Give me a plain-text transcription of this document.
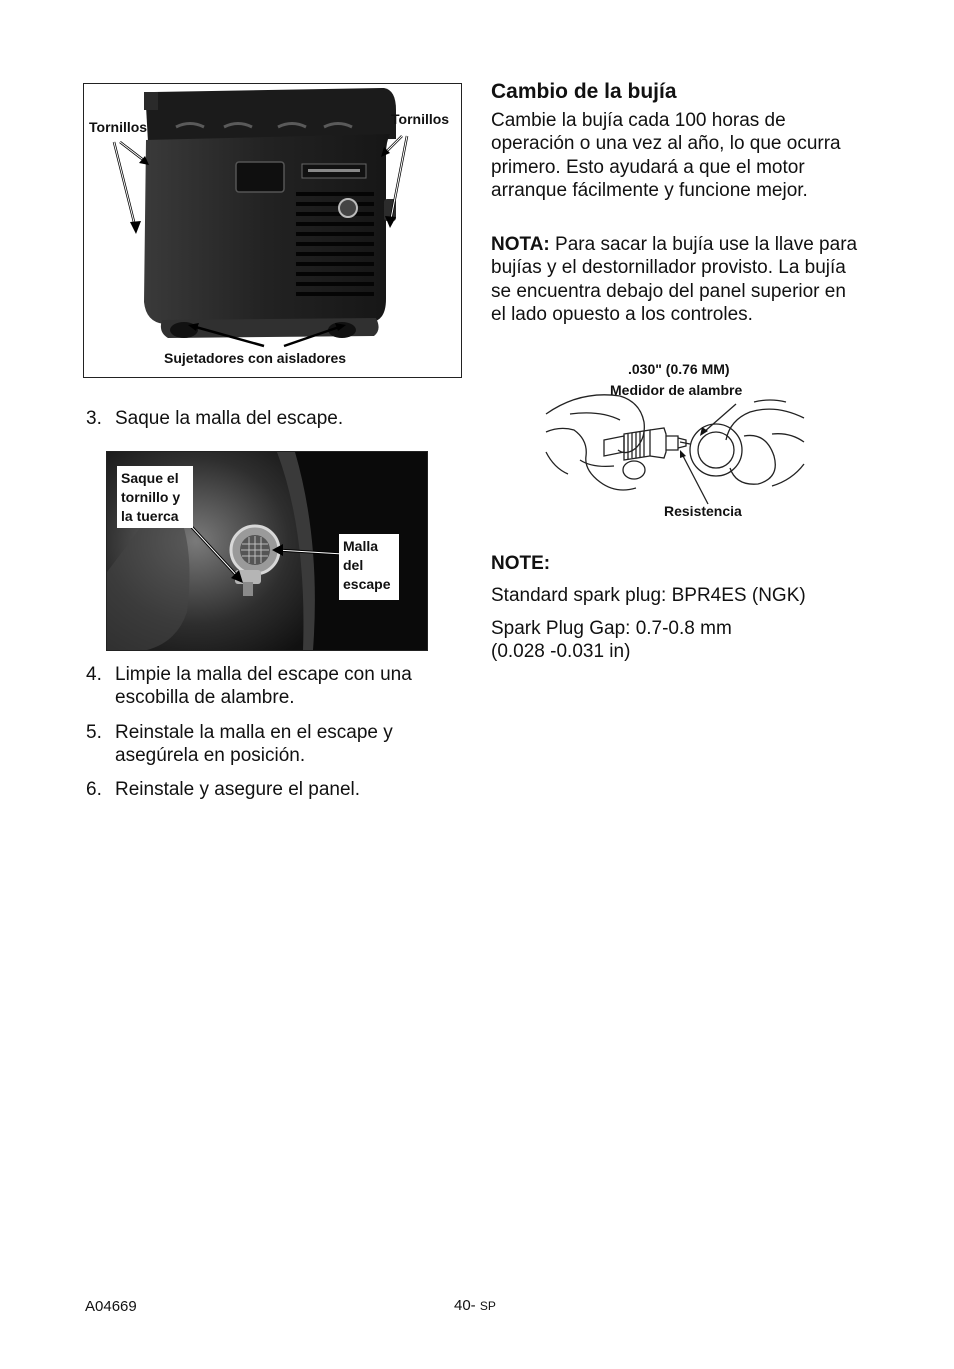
Tornillos	Tornillos
Sujetadores con aisladores
3. Saque la malla del escape.
Saque el tornillo y la tuerca
Malla del escape
4. Limpie la malla del escape con una escobilla de alambre.
5. Reinstale la malla en el escape y asegúrela en posición.
6. Reinstale y asegure el panel.
Cambio de la bujía
Cambie la bujía cada 100 horas de operación o una vez al año, lo que ocurra primero. Esto ayudará a que el motor arranque fácilmente y funcione mejor.
NOTA: Para sacar la bujía use la llave para bujías y el destornillador provisto. La bujía se encuentra debajo del panel superior en el lado opuesto a los controles.
.030" (0.76 MM)
Medidor de alambre
Resistencia
NOTE:
Standard spark plug: BPR4ES (NGK)
Spark Plug Gap: 0.7-0.8 mm
(0.028 -0.031 in)
A04669	40- SP
